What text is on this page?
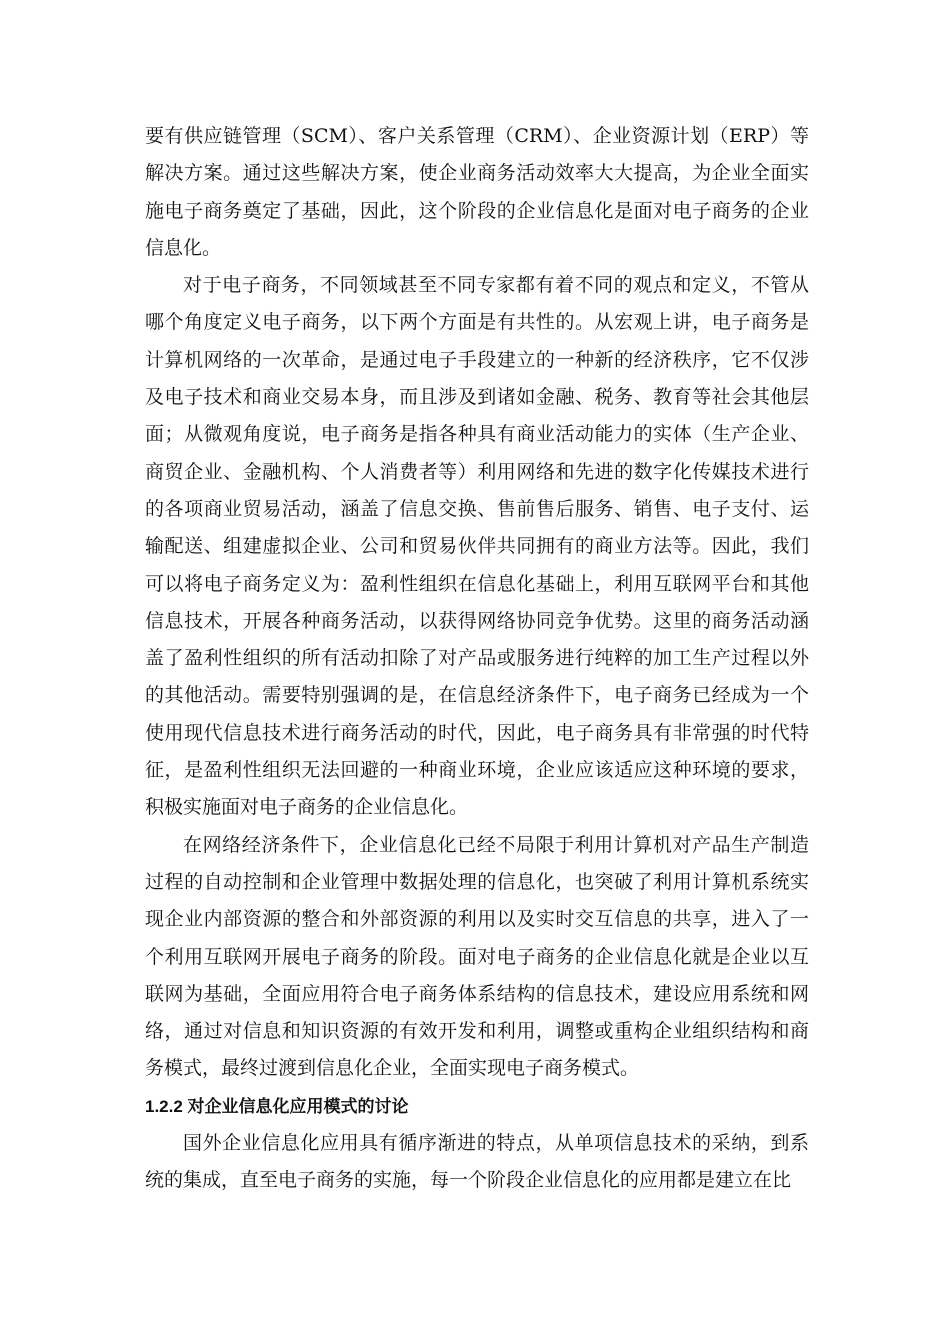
要有供应链管理（SCM）、客户关系管理（CRM）、企业资源计划（ERP）等解决方案。通过这些解决方案，使企业商务活动效率大大提高，为企业全面实施电子商务奠定了基础，因此，这个阶段的企业信息化是面对电子商务的企业信息化。

对于电子商务，不同领域甚至不同专家都有着不同的观点和定义，不管从哪个角度定义电子商务，以下两个方面是有共性的。从宏观上讲，电子商务是计算机网络的一次革命，是通过电子手段建立的一种新的经济秩序，它不仅涉及电子技术和商业交易本身，而且涉及到诸如金融、税务、教育等社会其他层面；从微观角度说，电子商务是指各种具有商业活动能力的实体（生产企业、商贸企业、金融机构、个人消费者等）利用网络和先进的数字化传媒技术进行的各项商业贸易活动，涵盖了信息交换、售前售后服务、销售、电子支付、运输配送、组建虚拟企业、公司和贸易伙伴共同拥有的商业方法等。因此，我们可以将电子商务定义为：盈利性组织在信息化基础上，利用互联网平台和其他信息技术，开展各种商务活动，以获得网络协同竞争优势。这里的商务活动涵盖了盈利性组织的所有活动扣除了对产品或服务进行纯粹的加工生产过程以外的其他活动。需要特别强调的是，在信息经济条件下，电子商务已经成为一个使用现代信息技术进行商务活动的时代，因此，电子商务具有非常强的时代特征，是盈利性组织无法回避的一种商业环境，企业应该适应这种环境的要求，积极实施面对电子商务的企业信息化。

在网络经济条件下，企业信息化已经不局限于利用计算机对产品生产制造过程的自动控制和企业管理中数据处理的信息化，也突破了利用计算机系统实现企业内部资源的整合和外部资源的利用以及实时交互信息的共享，进入了一个利用互联网开展电子商务的阶段。面对电子商务的企业信息化就是企业以互联网为基础，全面应用符合电子商务体系结构的信息技术，建设应用系统和网络，通过对信息和知识资源的有效开发和利用，调整或重构企业组织结构和商务模式，最终过渡到信息化企业，全面实现电子商务模式。

1.2.2 对企业信息化应用模式的讨论

国外企业信息化应用具有循序渐进的特点，从单项信息技术的采纳，到系统的集成，直至电子商务的实施，每一个阶段企业信息化的应用都是建立在比
